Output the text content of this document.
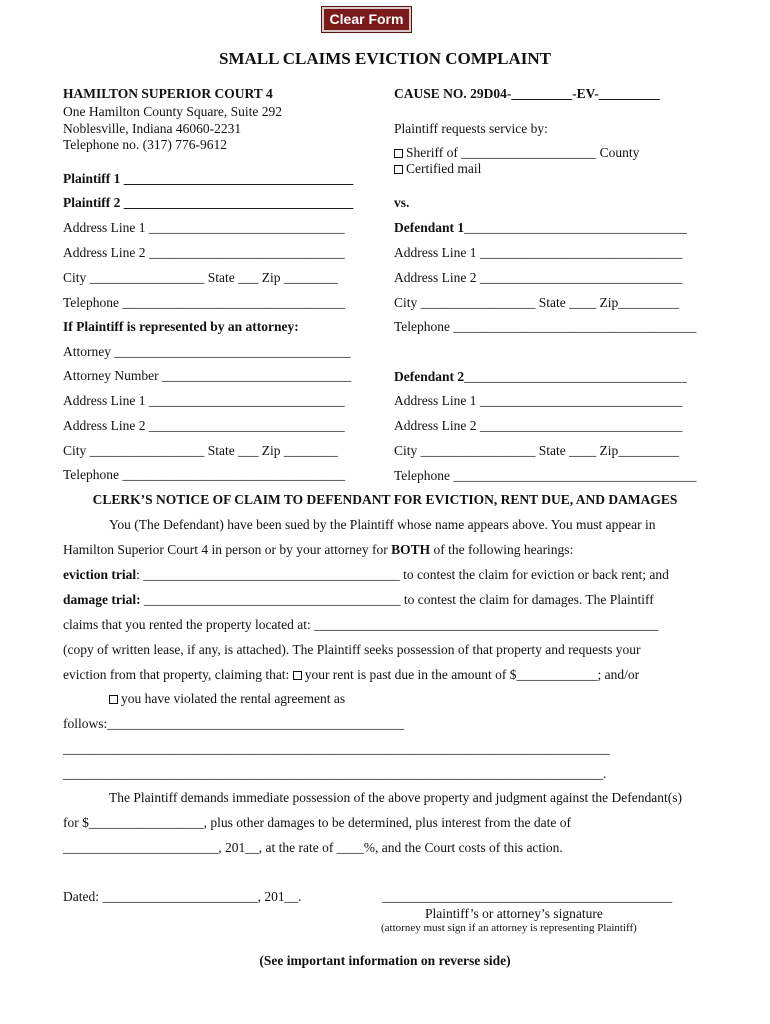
Clear Form
SMALL CLAIMS EVICTION COMPLAINT
HAMILTON SUPERIOR COURT 4
One Hamilton County Square, Suite 292
Noblesville, Indiana 46060-2231
Telephone no. (317) 776-9612
CAUSE NO. 29D04-_________-EV-_________
Plaintiff requests service by:
Sheriff of ____________________ County
Certified mail
Plaintiff 1 __________________________________
Plaintiff 2 __________________________________
Address Line 1 _____________________________
Address Line 2 _____________________________
City _________________ State ___ Zip ________
Telephone _________________________________
vs.
Defendant 1_________________________________
Address Line 1 ______________________________
Address Line 2 ______________________________
City _________________ State ____ Zip_________
Telephone ____________________________________
If Plaintiff is represented by an attorney:
Attorney ___________________________________
Attorney Number ____________________________
Address Line 1 _____________________________
Address Line 2 _____________________________
City _________________ State ___ Zip ________
Telephone _________________________________
Defendant 2_________________________________
Address Line 1 ______________________________
Address Line 2 ______________________________
City _________________ State ____ Zip_________
Telephone ____________________________________
CLERK’S NOTICE OF CLAIM TO DEFENDANT FOR EVICTION, RENT DUE, AND DAMAGES
You (The Defendant) have been sued by the Plaintiff whose name appears above. You must appear in
Hamilton Superior Court 4 in person or by your attorney for BOTH of the following hearings:
eviction trial: ______________________________________ to contest the claim for eviction or back rent; and
damage trial: ______________________________________ to contest the claim for damages. The Plaintiff
claims that you rented the property located at: ___________________________________________________
(copy of written lease, if any, is attached). The Plaintiff seeks possession of that property and requests your
eviction from that property, claiming that: your rent is past due in the amount of $____________; and/or
you have violated the rental agreement as
follows:____________________________________________
_________________________________________________________________________________
________________________________________________________________________________.
The Plaintiff demands immediate possession of the above property and judgment against the Defendant(s)
for $_________________, plus other damages to be determined, plus interest from the date of
_______________________, 201__, at the rate of ____%, and the Court costs of this action.
Dated: _______________________, 201__.	___________________________________________
Plaintiff’s or attorney’s signature
(attorney must sign if an attorney is representing Plaintiff)
(See important information on reverse side)
